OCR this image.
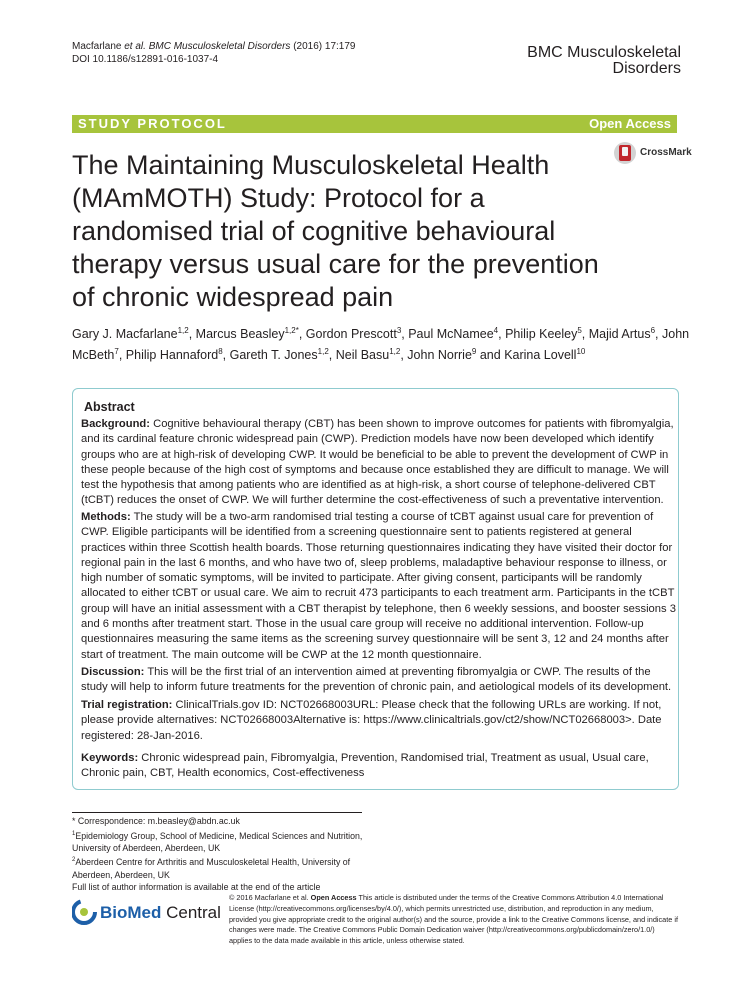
Macfarlane et al. BMC Musculoskeletal Disorders (2016) 17:179
DOI 10.1186/s12891-016-1037-4	BMC Musculoskeletal
Disorders
STUDY PROTOCOL	Open Access
CrossMark
The Maintaining Musculoskeletal Health (MAmMOTH) Study: Protocol for a randomised trial of cognitive behavioural therapy versus usual care for the prevention of chronic widespread pain
Gary J. Macfarlane$^{1,2}$, Marcus Beasley$^{1,2*}$, Gordon Prescott$^3$, Paul McNamee$^4$, Philip Keeley$^5$, Majid Artus$^6$, John McBeth$^7$, Philip Hannaford$^8$, Gareth T. Jones$^{1,2}$, Neil Basu$^{1,2}$, John Norrie$^9$ and Karina Lovell$^{10}$
Abstract
Background: Cognitive behavioural therapy (CBT) has been shown to improve outcomes for patients with fibromyalgia, and its cardinal feature chronic widespread pain (CWP). Prediction models have now been developed which identify groups who are at high-risk of developing CWP. It would be beneficial to be able to prevent the development of CWP in these people because of the high cost of symptoms and because once established they are difficult to manage. We will test the hypothesis that among patients who are identified as at high-risk, a short course of telephone-delivered CBT (tCBT) reduces the onset of CWP. We will further determine the cost-effectiveness of such a preventative intervention.
Methods: The study will be a two-arm randomised trial testing a course of tCBT against usual care for prevention of CWP. Eligible participants will be identified from a screening questionnaire sent to patients registered at general practices within three Scottish health boards. Those returning questionnaires indicating they have visited their doctor for regional pain in the last 6 months, and who have two of, sleep problems, maladaptive behaviour response to illness, or high number of somatic symptoms, will be invited to participate. After giving consent, participants will be randomly allocated to either tCBT or usual care. We aim to recruit 473 participants to each treatment arm. Participants in the tCBT group will have an initial assessment with a CBT therapist by telephone, then 6 weekly sessions, and booster sessions 3 and 6 months after treatment start. Those in the usual care group will receive no additional intervention. Follow-up questionnaires measuring the same items as the screening survey questionnaire will be sent 3, 12 and 24 months after start of treatment. The main outcome will be CWP at the 12 month questionnaire.
Discussion: This will be the first trial of an intervention aimed at preventing fibromyalgia or CWP. The results of the study will help to inform future treatments for the prevention of chronic pain, and aetiological models of its development.
Trial registration: ClinicalTrials.gov ID: NCT02668003URL: Please check that the following URLs are working. If not, please provide alternatives: NCT02668003Alternative is: https://www.clinicaltrials.gov/ct2/show/NCT02668003>. Date registered: 28-Jan-2016.
Keywords: Chronic widespread pain, Fibromyalgia, Prevention, Randomised trial, Treatment as usual, Usual care, Chronic pain, CBT, Health economics, Cost-effectiveness
* Correspondence: m.beasley@abdn.ac.uk
$^1$Epidemiology Group, School of Medicine, Medical Sciences and Nutrition, University of Aberdeen, Aberdeen, UK
$^2$Aberdeen Centre for Arthritis and Musculoskeletal Health, University of Aberdeen, Aberdeen, UK
Full list of author information is available at the end of the article
BioMed Central
© 2016 Macfarlane et al. Open Access This article is distributed under the terms of the Creative Commons Attribution 4.0 International License (http://creativecommons.org/licenses/by/4.0/), which permits unrestricted use, distribution, and reproduction in any medium, provided you give appropriate credit to the original author(s) and the source, provide a link to the Creative Commons license, and indicate if changes were made. The Creative Commons Public Domain Dedication waiver (http://creativecommons.org/publicdomain/zero/1.0/) applies to the data made available in this article, unless otherwise stated.
